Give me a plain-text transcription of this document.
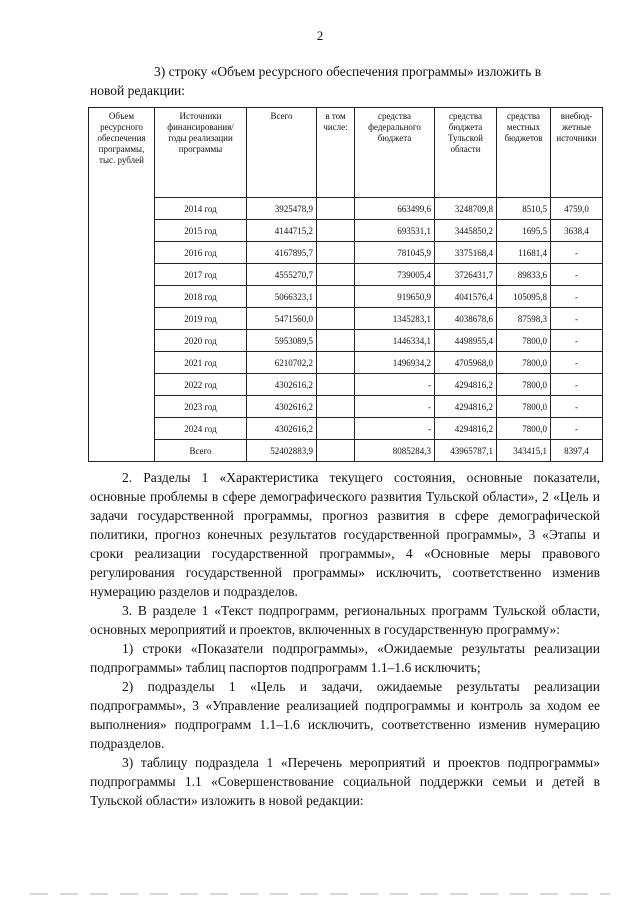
2
3) строку «Объем ресурсного обеспечения программы» изложить в
новой редакции:
Объем ресурсного обеспечения программы, тыс. рублей	Источники финансирования/ годы реализации программы	Всего	в том числе:	средства федерального бюджета	средства бюджета Тульской области	средства местных бюджетов	внебюд-жетные источники
	2014 год	3925478,9		663499,6	3248709,8	8510,5	4759,0
	2015 год	4144715,2		693531,1	3445850,2	1695,5	3638,4
	2016 год	4167895,7		781045,9	3375168,4	11681,4	-
	2017 год	4555270,7		739005,4	3726431,7	89833,6	-
	2018 год	5066323,1		919650,9	4041576,4	105095,8	-
	2019 год	5471560,0		1345283,1	4038678,6	87598,3	-
	2020 год	5953089,5		1446334,1	4498955,4	7800,0	-
	2021 год	6210702,2		1496934,2	4705968,0	7800,0	-
	2022 год	4302616,2		-	4294816,2	7800,0	-
	2023 год	4302616,2		-	4294816,2	7800,0	-
	2024 год	4302616,2		-	4294816,2	7800,0	-
	Всего	52402883,9		8085284,3	43965787,1	343415,1	8397,4

2. Разделы 1 «Характеристика текущего состояния, основные показатели, основные проблемы в сфере демографического развития Тульской области», 2 «Цель и задачи государственной программы, прогноз развития в сфере демографической политики, прогноз конечных результатов государственной программы», 3 «Этапы и сроки реализации государственной программы», 4 «Основные меры правового регулирования государственной программы» исключить, соответственно изменив нумерацию разделов и подразделов.

3. В разделе 1 «Текст подпрограмм, региональных программ Тульской области, основных мероприятий и проектов, включенных в государственную программу»:

1) строки «Показатели подпрограммы», «Ожидаемые результаты реализации подпрограммы» таблиц паспортов подпрограмм 1.1–1.6 исключить;

2) подразделы 1 «Цель и задачи, ожидаемые результаты реализации подпрограммы», 3 «Управление реализацией подпрограммы и контроль за ходом ее выполнения» подпрограмм 1.1–1.6 исключить, соответственно изменив нумерацию подразделов.

3) таблицу подраздела 1 «Перечень мероприятий и проектов подпрограммы» подпрограммы 1.1 «Совершенствование социальной поддержки семьи и детей в Тульской области» изложить в новой редакции:
